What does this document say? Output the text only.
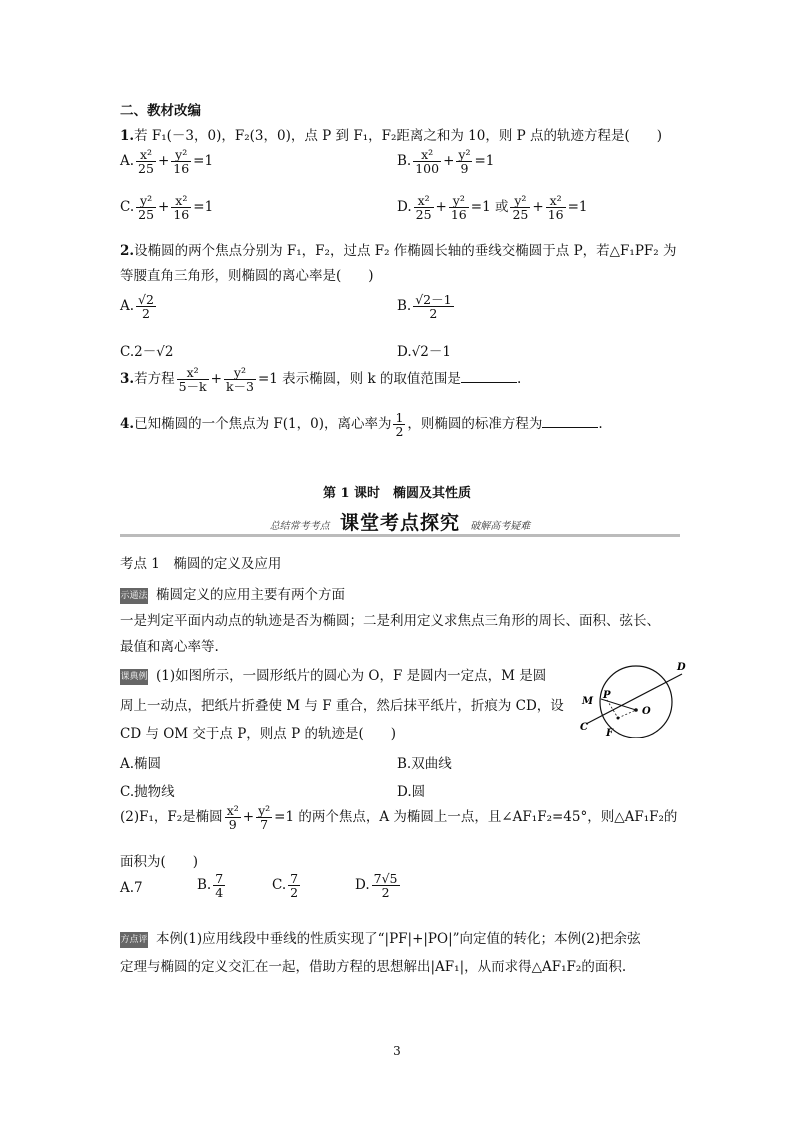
二、教材改编
1.若 F₁(－3，0)，F₂(3，0)，点 P 到 F₁，F₂距离之和为 10，则 P 点的轨迹方程是(　　)
A. $\frac{\text{x²}}{25} + \frac{\text{y²}}{16} =1$	B. $\frac{\text{x²}}{100} + \frac{\text{y²}}{9} =1$
C. $\frac{\text{y²}}{25} + \frac{\text{x²}}{16} =1$	D. $\frac{\text{x²}}{25} + \frac{\text{y²}}{16} =1$ 或 $\frac{\text{y²}}{25} + \frac{\text{x²}}{16} =1$
2.设椭圆的两个焦点分别为 F₁，F₂，过点 F₂ 作椭圆长轴的垂线交椭圆于点 P，若△F₁PF₂ 为
等腰直角三角形，则椭圆的离心率是(　　)
A. $\frac{√2}{2}$	B. $\frac{√2-1}{2}$
C.2－√2	D.√2－1
3.若方程 $\frac{\text{x²}}{5-k} + \frac{\text{y²}}{k-3} =1$ 表示椭圆，则 k 的取值范围是	.
4.已知椭圆的一个焦点为 F(1，0)，离心率为 $\frac{1}{2}$ ，则椭圆的标准方程为	.
第 1 课时　椭圆及其性质
总结常考考点 课堂考点探究 破解高考疑难
考点 1　椭圆的定义及应用
示通法 椭圆定义的应用主要有两个方面
一是判定平面内动点的轨迹是否为椭圆；二是利用定义求焦点三角形的周长、面积、弦长、
最值和离心率等.
课典例 (1)如图所示，一圆形纸片的圆心为 O，F 是圆内一定点，M 是圆
周上一动点，把纸片折叠使 M 与 F 重合，然后抹平纸片，折痕为 CD，设
CD 与 OM 交于点 P，则点 P 的轨迹是(　　)
A.椭圆	B.双曲线
C.抛物线	D.圆
D
M
P
O
C
F
(2)F₁，F₂是椭圆 $\frac{\text{x²}}{9} + \frac{\text{y²}}{7} =1$ 的两个焦点，A 为椭圆上一点，且∠AF₁F₂=45°，则△AF₁F₂的
面积为(　　)
A.7	B. $\frac{7}{4}$	C. $\frac{7}{2}$	D. $\frac{7√5}{2}$
方点评 本例(1)应用线段中垂线的性质实现了“|PF|+|PO|”向定值的转化；本例(2)把余弦
定理与椭圆的定义交汇在一起，借助方程的思想解出|AF₁|，从而求得△AF₁F₂的面积.
3
